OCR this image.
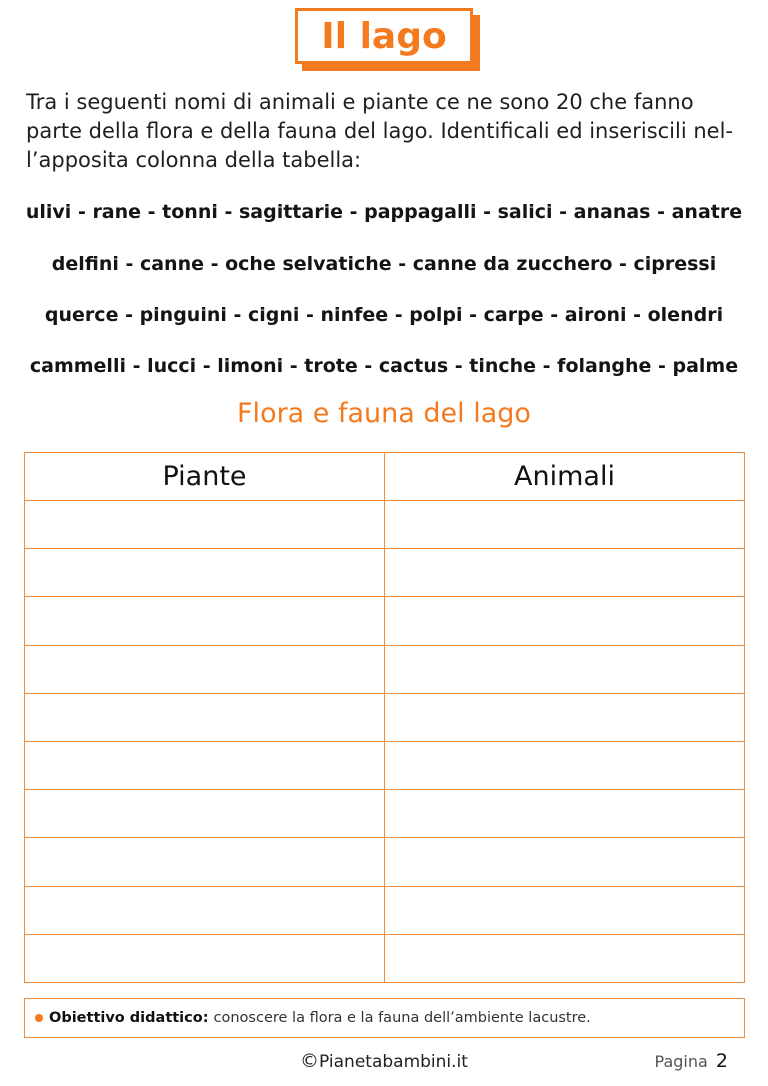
Il lago

Tra i seguenti nomi di animali e piante ce ne sono 20 che fanno parte della flora e della fauna del lago. Identificali ed inseriscili nel-l’apposita colonna della tabella:

ulivi - rane - tonni - sagittarie - pappagalli - salici - ananas - anatre
delfini - canne - oche selvatiche - canne da zucchero - cipressi
querce - pinguini - cigni - ninfee - polpi - carpe - aironi - olendri
cammelli - lucci - limoni - trote - cactus - tinche - folanghe - palme
Flora e fauna del lago
Piante	Animali

Obiettivo didattico: conoscere la flora e la fauna dell’ambiente lacustre.
©Pianetabambini.it	Pagina 2
